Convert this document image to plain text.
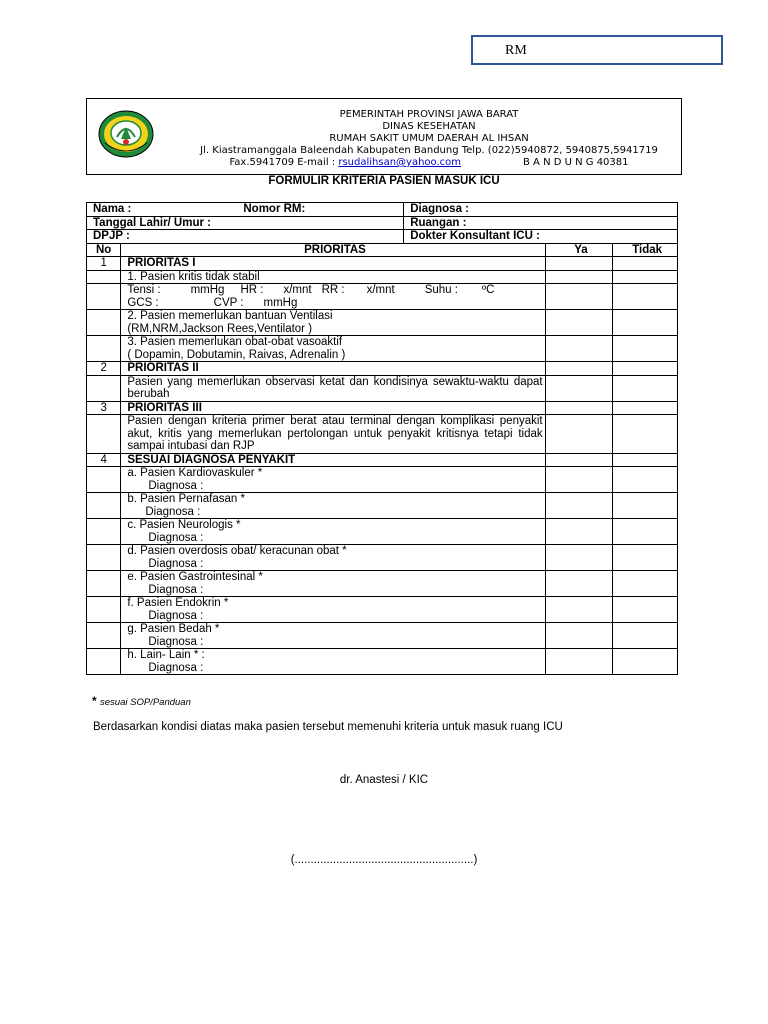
RM
PEMERINTAH PROVINSI JAWA BARAT
DINAS KESEHATAN
RUMAH SAKIT UMUM DAERAH AL IHSAN
Jl. Kiastramanggala Baleendah Kabupaten Bandung Telp. (022)5940872, 5940875,5941719
Fax.5941709 E-mail : rsudalihsan@yahoo.com	B A N D U N G 40381
FORMULIR KRITERIA PASIEN MASUK ICU
Nama : Nomor RM:		Diagnosa :		
Tanggal Lahir/ Umur :		Ruangan :		
DPJP :		Dokter Konsultant ICU :		
No	PRIORITAS		Ya	Tidak
1	PRIORITAS I			
	1. Pasien kritis tidak stabil			
	Tensi : mmHg HR : x/mnt RR : x/mnt Suhu : ºC
GCS : CVP : mmHg			
	2. Pasien memerlukan bantuan Ventilasi
(RM,NRM,Jackson Rees,Ventilator )			
	3. Pasien memerlukan obat-obat vasoaktif
( Dopamin, Dobutamin, Raivas, Adrenalin )			
2	PRIORITAS II			
	Pasien yang memerlukan observasi ketat dan kondisinya sewaktu-waktu dapat berubah			
3	PRIORITAS III			
	Pasien dengan kriteria primer berat atau terminal dengan komplikasi penyakit akut, kritis yang memerlukan pertolongan untuk penyakit kritisnya tetapi tidak sampai intubasi dan RJP			
4	SESUAI DIAGNOSA PENYAKIT			
	a. Pasien Kardiovaskuler *
Diagnosa :			
	b. Pasien Pernafasan *
Diagnosa :			
	c. Pasien Neurologis *
Diagnosa :			
	d. Pasien overdosis obat/ keracunan obat *
Diagnosa :			
	e. Pasien Gastrointesinal *
Diagnosa :			
	f. Pasien Endokrin *
Diagnosa :			
	g. Pasien Bedah *
Diagnosa :			
	h. Lain- Lain * :
Diagnosa :			
* sesuai SOP/Panduan
Berdasarkan kondisi diatas maka pasien tersebut memenuhi kriteria untuk masuk ruang ICU
dr. Anastesi / KIC
(........................................................)
